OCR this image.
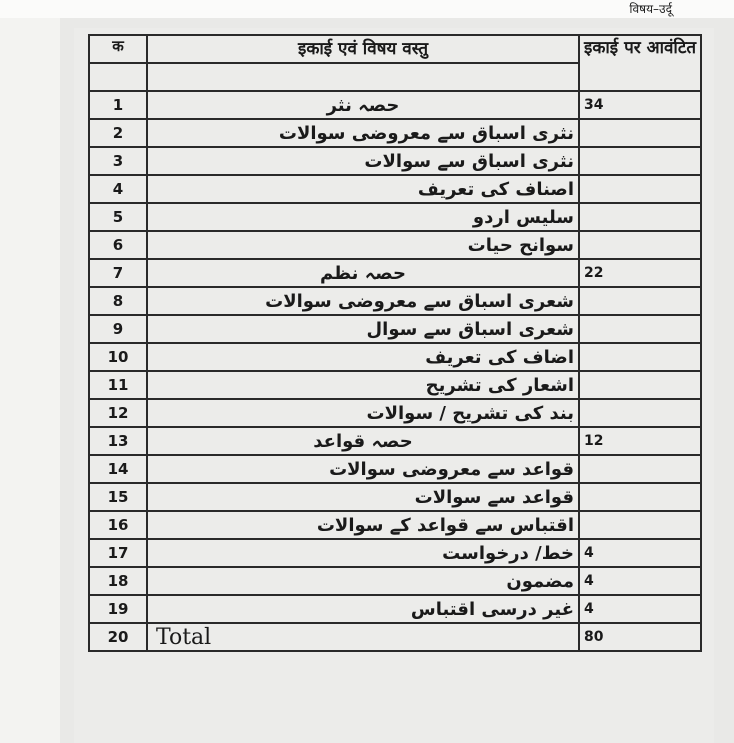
विषय–उर्दू
क	इकाई एवं विषय वस्तु	इकाई पर आवंटित

1	حصہ نثر	34
2	نثری اسباق سے معروضی سوالات	
3	نثری اسباق سے سوالات	
4	اصناف کی تعریف	
5	سلیس اردو	
6	سوانح حیات	
7	حصہ نظم	22
8	شعری اسباق سے معروضی سوالات	
9	شعری اسباق سے سوال	
10	اضاف کی تعریف	
11	اشعار کی تشریح	
12	بند کی تشریح / سوالات	
13	حصہ قواعد	12
14	قواعد سے معروضی سوالات	
15	قواعد سے سوالات	
16	اقتباس سے قواعد کے سوالات	
17	خط/ درخواست	4
18	مضمون	4
19	غیر درسی اقتباس	4
20	Total	80
